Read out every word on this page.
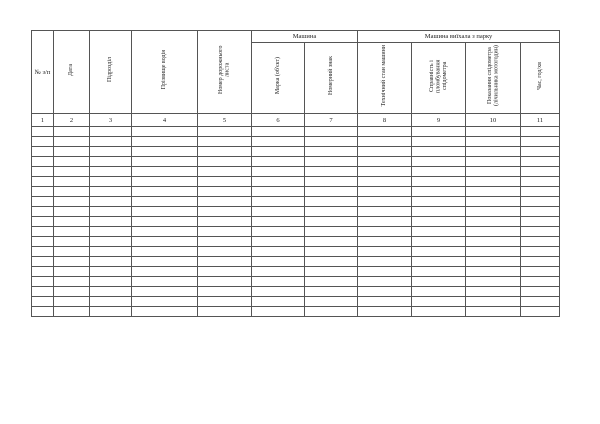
№ з/п	Дата	Підрозділ	Прізвище водія	Номер дорожнього листа	Машина		Машина виїхала з парку			
					Марка (об'єкт)	Номерний знак	Технічний стан машини	Справність і пломбування спідометра	Показання спідометра (лічильника мотогодин)	Час, год/хв
1	2	3	4	5	6	7	8	9	10	11
